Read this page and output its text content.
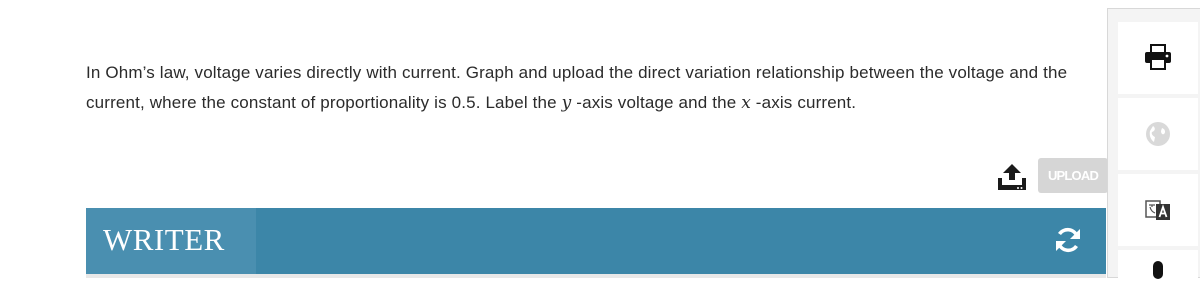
In Ohm’s law, voltage varies directly with current. Graph and upload the direct variation relationship between the voltage and the current, where the constant of proportionality is 0.5. Label the y -axis voltage and the x -axis current.
UPLOAD
WRITER
